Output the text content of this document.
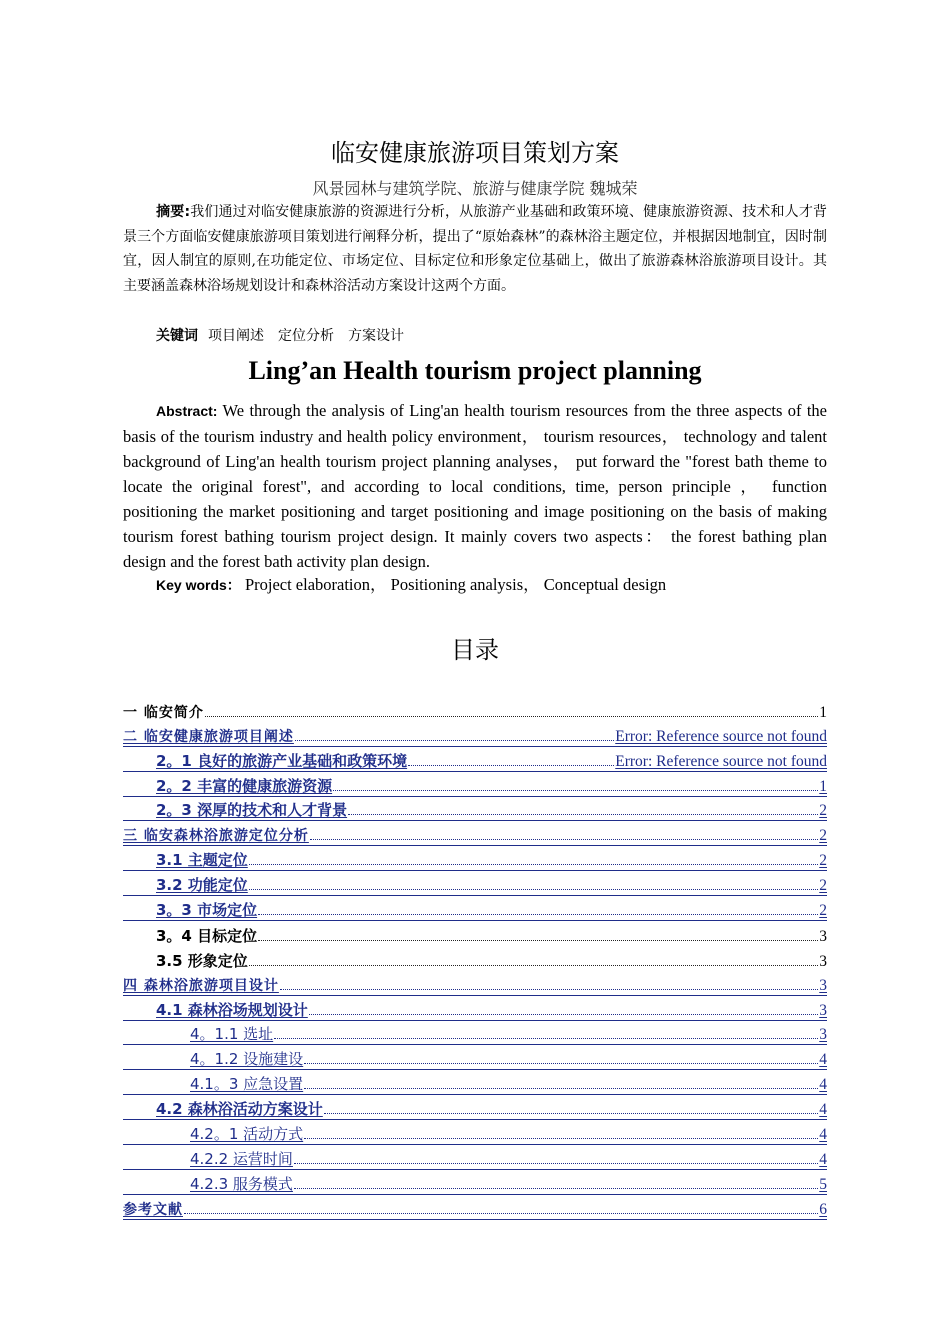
临安健康旅游项目策划方案
风景园林与建筑学院、旅游与健康学院 魏城荣
摘要:我们通过对临安健康旅游的资源进行分析，从旅游产业基础和政策环境、健康旅游资源、技术和人才背景三个方面临安健康旅游项目策划进行阐释分析，提出了“原始森林”的森林浴主题定位，并根据因地制宜，因时制宜，因人制宜的原则,在功能定位、市场定位、目标定位和形象定位基础上，做出了旅游森林浴旅游项目设计。其主要涵盖森林浴场规划设计和森林浴活动方案设计这两个方面。
关键词 项目阐述　定位分析　方案设计
Ling’an Health tourism project planning
Abstract: We through the analysis of Ling'an health tourism resources from the three aspects of the basis of the tourism industry and health policy environment， tourism resources， technology and talent background of Ling'an health tourism project planning analyses， put forward the "forest bath theme to locate the original forest", and according to local conditions, time, person principle ， function positioning the market positioning and target positioning and image positioning on the basis of making tourism forest bathing tourism project design. It mainly covers two aspects： the forest bathing plan design and the forest bath activity plan design.
Key words： Project elaboration， Positioning analysis， Conceptual design
目录
一 临安简介	1
二 临安健康旅游项目阐述	Error: Reference source not found
2。1 良好的旅游产业基础和政策环境	Error: Reference source not found
2。2 丰富的健康旅游资源	1
2。3 深厚的技术和人才背景	2
三 临安森林浴旅游定位分析	2
3.1 主题定位	2
3.2 功能定位	2
3。3 市场定位	2
3。4 目标定位	3
3.5 形象定位	3
四 森林浴旅游项目设计	3
4.1 森林浴场规划设计	3
4。1.1 选址	3
4。1.2 设施建设	4
4.1。3 应急设置	4
4.2 森林浴活动方案设计	4
4.2。1 活动方式	4
4.2.2 运营时间	4
4.2.3 服务模式	5
参考文献	6
